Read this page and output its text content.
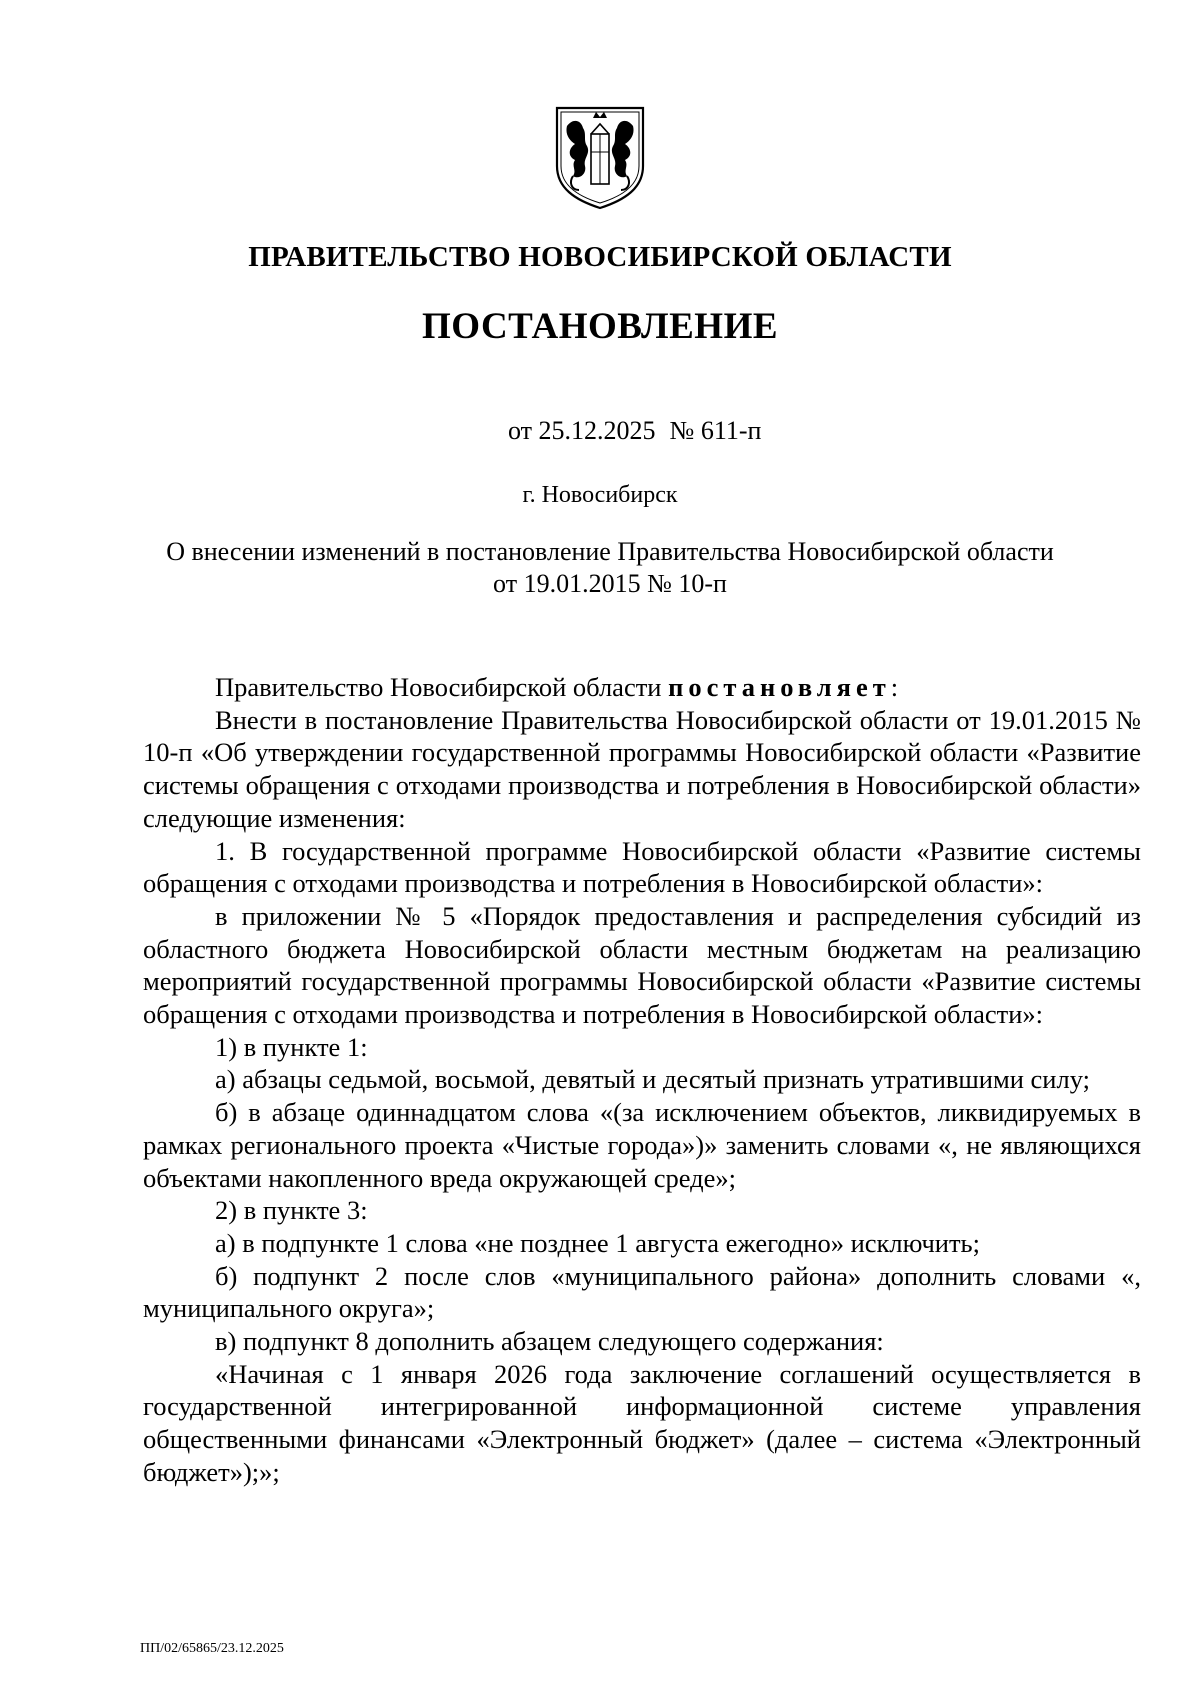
ПРАВИТЕЛЬСТВО НОВОСИБИРСКОЙ ОБЛАСТИ
ПОСТАНОВЛЕНИЕ
от 25.12.2025 № 611-п
г. Новосибирск
О внесении изменений в постановление Правительства Новосибирской области
от 19.01.2015 № 10-п

Правительство Новосибирской области постановляет:

Внести в постановление Правительства Новосибирской области от 19.01.2015 № 10-п «Об утверждении государственной программы Новосибирской области «Развитие системы обращения с отходами производства и потребления в Новосибирской области» следующие изменения:

1. В государственной программе Новосибирской области «Развитие системы обращения с отходами производства и потребления в Новосибирской области»:

в приложении № 5 «Порядок предоставления и распределения субсидий из областного бюджета Новосибирской области местным бюджетам на реализацию мероприятий государственной программы Новосибирской области «Развитие системы обращения с отходами производства и потребления в Новосибирской области»:

1) в пункте 1:

а) абзацы седьмой, восьмой, девятый и десятый признать утратившими силу;

б) в абзаце одиннадцатом слова «(за исключением объектов, ликвидируемых в рамках регионального проекта «Чистые города»)» заменить словами «, не являющихся объектами накопленного вреда окружающей среде»;

2) в пункте 3:

а) в подпункте 1 слова «не позднее 1 августа ежегодно» исключить;

б) подпункт 2 после слов «муниципального района» дополнить словами «, муниципального округа»;

в) подпункт 8 дополнить абзацем следующего содержания:

«Начиная с 1 января 2026 года заключение соглашений осуществляется в государственной интегрированной информационной системе управления общественными финансами «Электронный бюджет» (далее – система «Электронный бюджет»);»;

ПП/02/65865/23.12.2025
